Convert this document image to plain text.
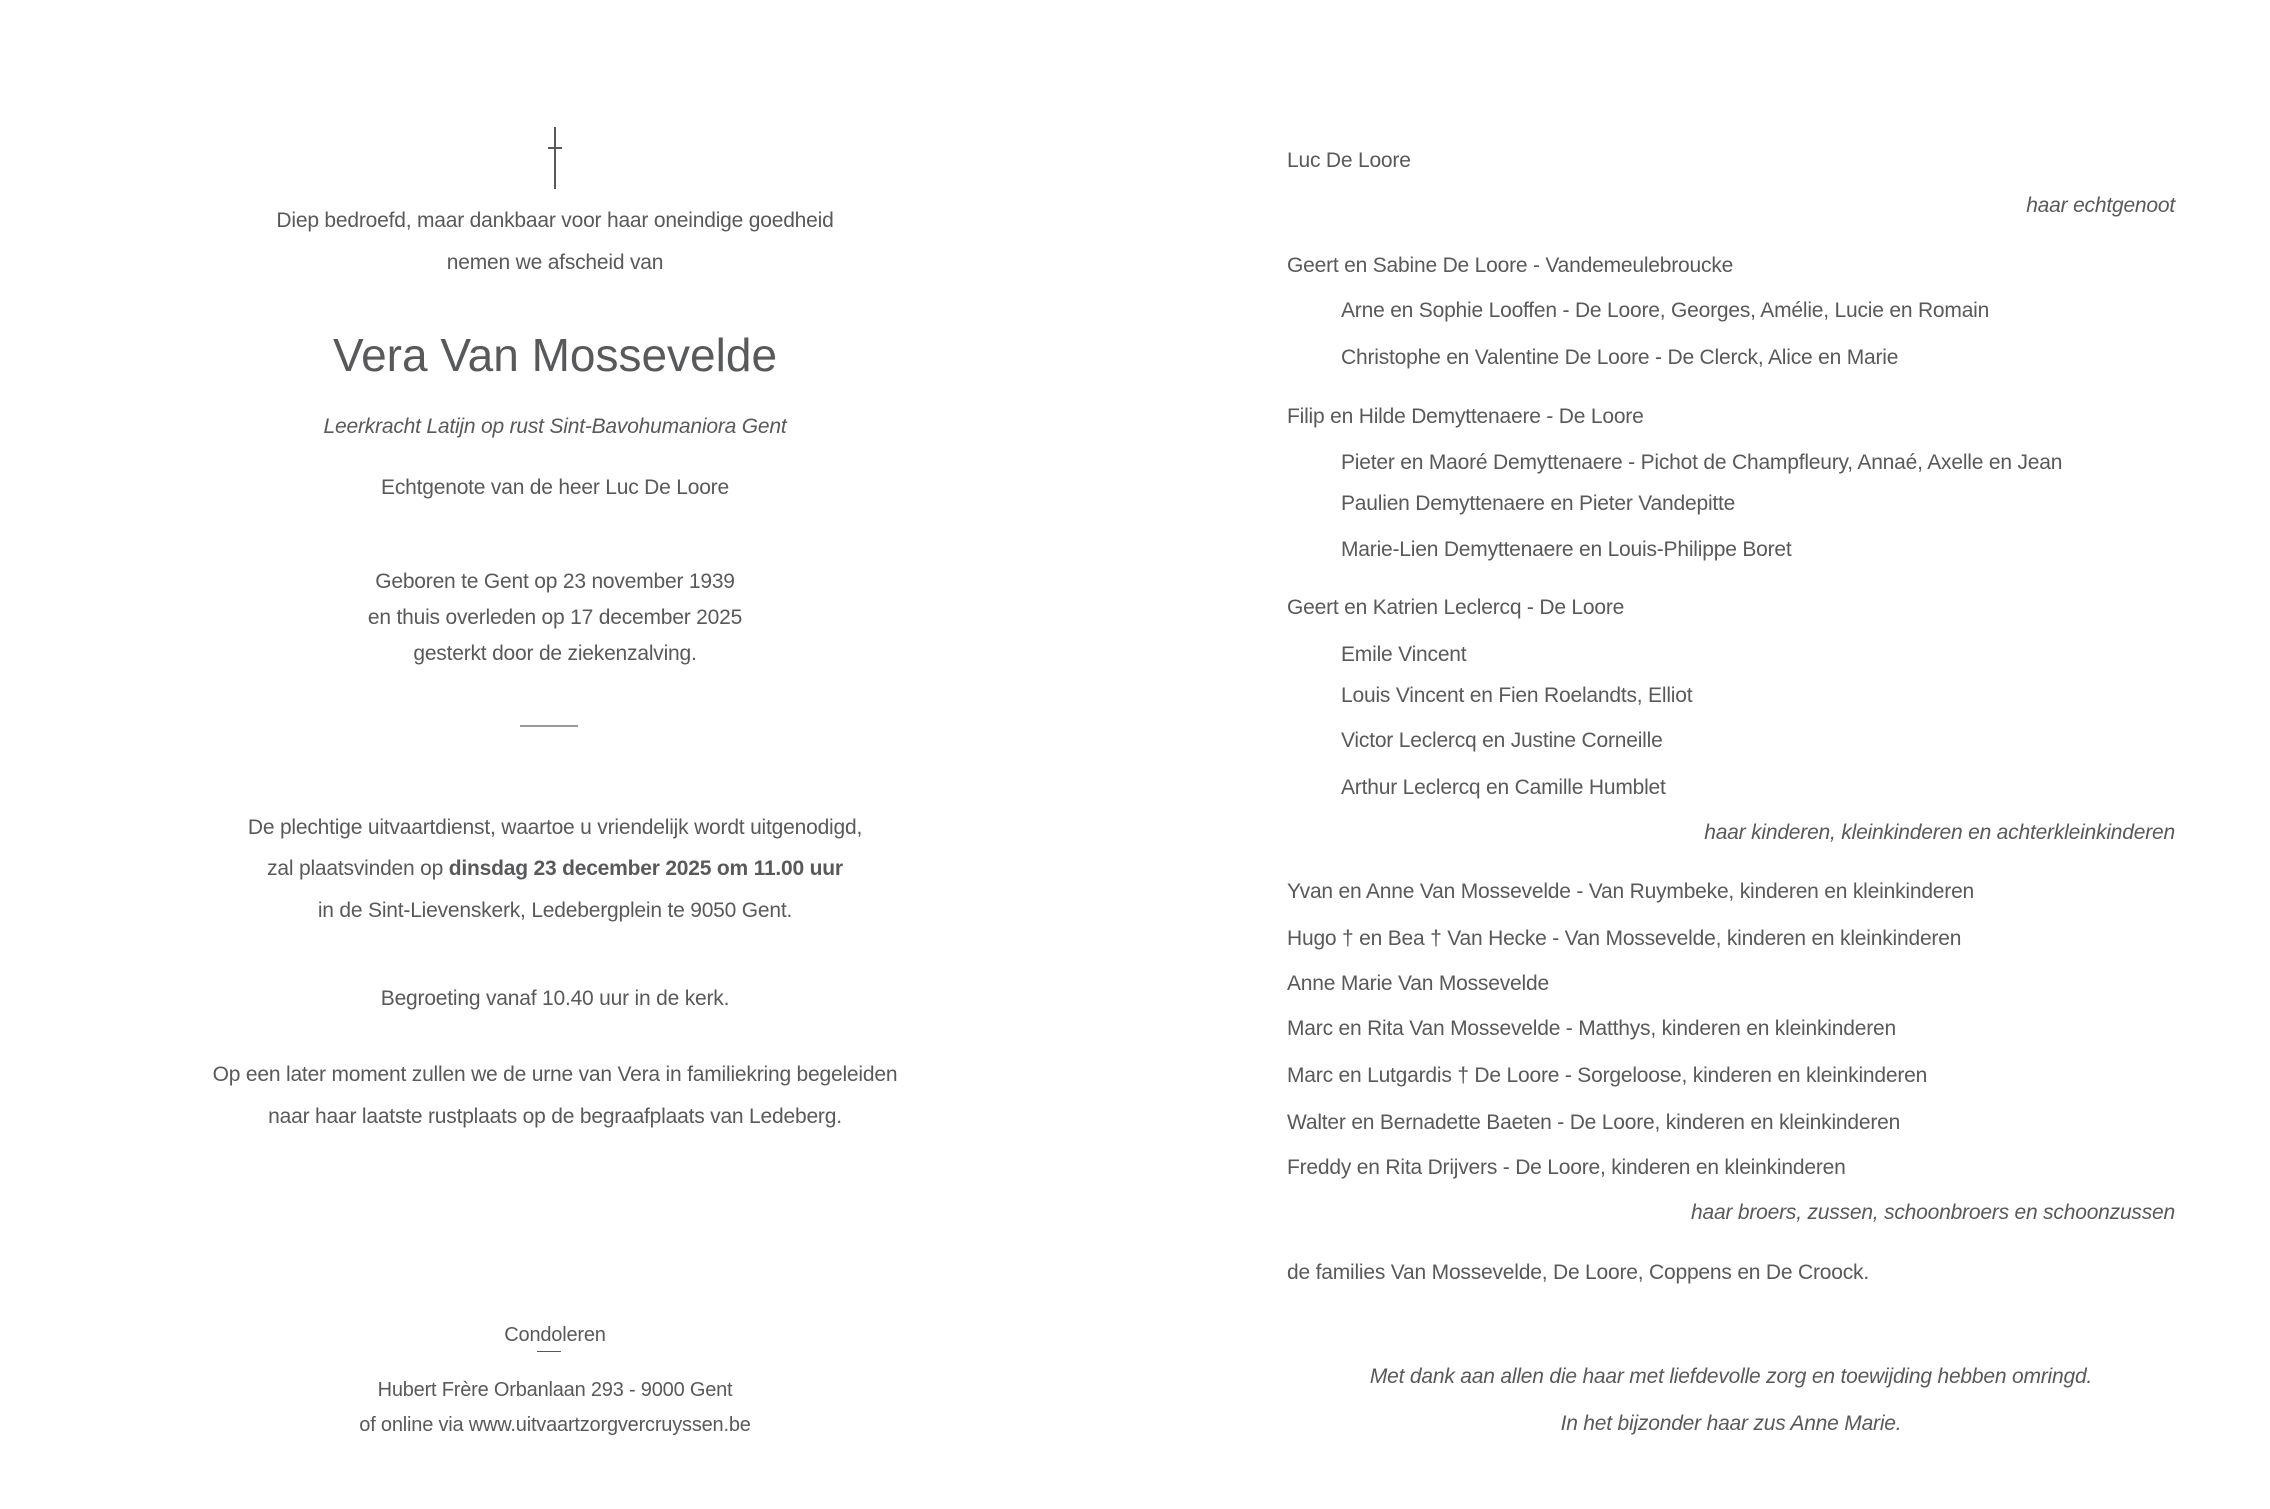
Diep bedroefd, maar dankbaar voor haar oneindige goedheid
nemen we afscheid van
Vera Van Mossevelde
Leerkracht Latijn op rust Sint-Bavohumaniora Gent
Echtgenote van de heer Luc De Loore
Geboren te Gent op 23 november 1939
en thuis overleden op 17 december 2025
gesterkt door de ziekenzalving.
De plechtige uitvaartdienst, waartoe u vriendelijk wordt uitgenodigd,
zal plaatsvinden op dinsdag 23 december 2025 om 11.00 uur
in de Sint-Lievenskerk, Ledebergplein te 9050 Gent.
Begroeting vanaf 10.40 uur in de kerk.
Op een later moment zullen we de urne van Vera in familiekring begeleiden
naar haar laatste rustplaats op de begraafplaats van Ledeberg.
Condoleren
Hubert Frère Orbanlaan 293 - 9000 Gent
of online via www.uitvaartzorgvercruyssen.be
Luc De Loore
haar echtgenoot
Geert en Sabine De Loore - Vandemeulebroucke
Arne en Sophie Looffen - De Loore, Georges, Amélie, Lucie en Romain
Christophe en Valentine De Loore - De Clerck, Alice en Marie
Filip en Hilde Demyttenaere - De Loore
Pieter en Maoré Demyttenaere - Pichot de Champfleury, Annaé, Axelle en Jean
Paulien Demyttenaere en Pieter Vandepitte
Marie-Lien Demyttenaere en Louis-Philippe Boret
Geert en Katrien Leclercq - De Loore
Emile Vincent
Louis Vincent en Fien Roelandts, Elliot
Victor Leclercq en Justine Corneille
Arthur Leclercq en Camille Humblet
haar kinderen, kleinkinderen en achterkleinkinderen
Yvan en Anne Van Mossevelde - Van Ruymbeke, kinderen en kleinkinderen
Hugo † en Bea † Van Hecke - Van Mossevelde, kinderen en kleinkinderen
Anne Marie Van Mossevelde
Marc en Rita Van Mossevelde - Matthys, kinderen en kleinkinderen
Marc en Lutgardis † De Loore - Sorgeloose, kinderen en kleinkinderen
Walter en Bernadette Baeten - De Loore, kinderen en kleinkinderen
Freddy en Rita Drijvers - De Loore, kinderen en kleinkinderen
haar broers, zussen, schoonbroers en schoonzussen
de families Van Mossevelde, De Loore, Coppens en De Croock.
Met dank aan allen die haar met liefdevolle zorg en toewijding hebben omringd.
In het bijzonder haar zus Anne Marie.
